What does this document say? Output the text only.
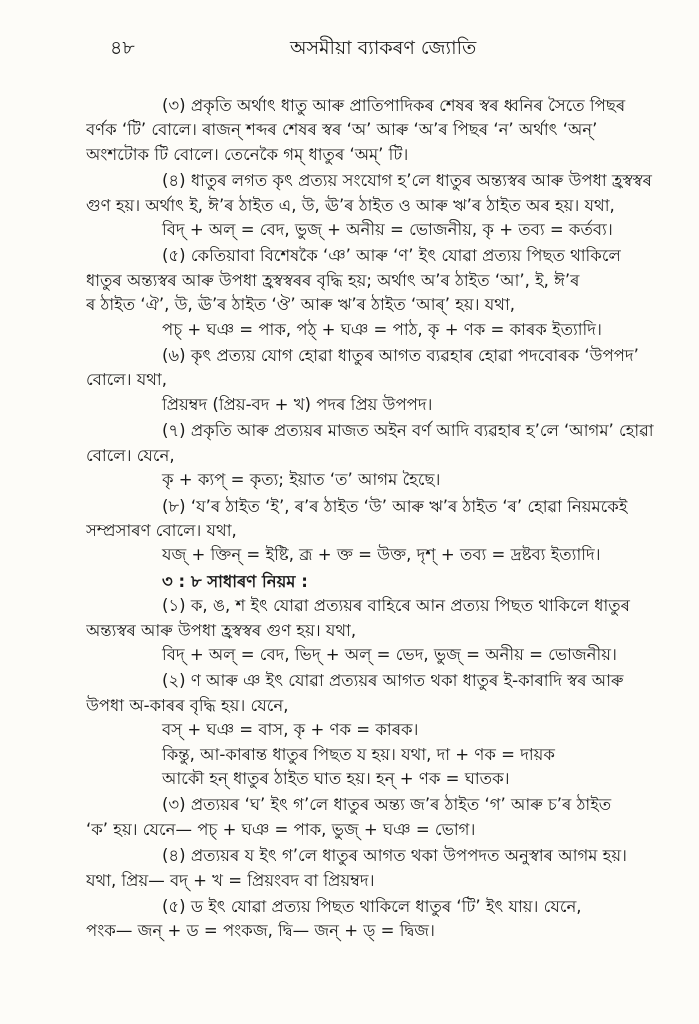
৪৮	অসমীয়া ব্যাকৰণ জ্যোতি
(৩) প্ৰকৃতি অৰ্থাৎ ধাতু আৰু প্ৰাতিপাদিকৰ শেষৰ স্বৰ ধ্বনিৰ সৈতে পিছৰ
বৰ্ণক ‘টি’ বোলে। ৰাজন্ শব্দৰ শেষৰ স্বৰ ‘অ’ আৰু ‘অ’ৰ পিছৰ ‘ন’ অৰ্থাৎ ‘অন্’
অংশটোক টি বোলে। তেনেকৈ গম্ ধাতুৰ ‘অম্’ টি।
(৪) ধাতুৰ লগত কৃৎ প্ৰত্যয় সংযোগ হ’লে ধাতুৰ অন্ত্যস্বৰ আৰু উপধা হ্ৰস্বস্বৰ
গুণ হয়। অৰ্থাৎ ই, ঈ’ৰ ঠাইত এ, উ, ঊ’ৰ ঠাইত ও আৰু ঋ’ৰ ঠাইত অৰ হয়। যথা,
বিদ্ + অল্ = বেদ, ভুজ্ + অনীয় = ভোজনীয়, কৃ + তব্য = কৰ্তব্য।
(৫) কেতিয়াবা বিশেষকৈ ‘ঞ’ আৰু ‘ণ’ ইৎ যোৱা প্ৰত্যয় পিছত থাকিলে
ধাতুৰ অন্ত্যস্বৰ আৰু উপধা হ্ৰস্বস্বৰৰ বৃদ্ধি হয়; অৰ্থাৎ অ’ৰ ঠাইত ‘আ’, ই, ঈ’ৰ
ৰ ঠাইত ‘ঐ’, উ, ঊ’ৰ ঠাইত ‘ঔ’ আৰু ঋ’ৰ ঠাইত ‘আৰ্’ হয়। যথা,
পচ্ + ঘঞ = পাক, পঠ্ + ঘঞ = পাঠ, কৃ + ণক = কাৰক ইত্যাদি।
(৬) কৃৎ প্ৰত্যয় যোগ হোৱা ধাতুৰ আগত ব্যৱহাৰ হোৱা পদবোৰক ‘উপপদ’
বোলে। যথা,
প্ৰিয়ম্বদ (প্ৰিয়-বদ + খ) পদৰ প্ৰিয় উপপদ।
(৭) প্ৰকৃতি আৰু প্ৰত্যয়ৰ মাজত অইন বৰ্ণ আদি ব্যৱহাৰ হ’লে ‘আগম’ হোৱা
বোলে। যেনে,
কৃ + ক্যপ্ = কৃত্য; ইয়াত ‘ত’ আগম হৈছে।
(৮) ‘য’ৰ ঠাইত ‘ই’, ৰ’ৰ ঠাইত ‘উ’ আৰু ঋ’ৰ ঠাইত ‘ৰ’ হোৱা নিয়মকেই
সম্প্ৰসাৰণ বোলে। যথা,
যজ্ + ক্তিন্ = ইষ্টি, ব্ৰূ + ক্ত = উক্ত, দৃশ্ + তব্য = দ্ৰষ্টব্য ইত্যাদি।
৩ : ৮ সাধাৰণ নিয়ম :
(১) ক, ঙ, শ ইৎ যোৱা প্ৰত্যয়ৰ বাহিৰে আন প্ৰত্যয় পিছত থাকিলে ধাতুৰ
অন্ত্যস্বৰ আৰু উপধা হ্ৰস্বস্বৰ গুণ হয়। যথা,
বিদ্ + অল্ = বেদ, ভিদ্ + অল্ = ভেদ, ভুজ্ = অনীয় = ভোজনীয়।
(২) ণ আৰু ঞ ইৎ যোৱা প্ৰত্যয়ৰ আগত থকা ধাতুৰ ই-কাৰাদি স্বৰ আৰু
উপধা অ-কাৰৰ বৃদ্ধি হয়। যেনে,
বস্ + ঘঞ = বাস, কৃ + ণক = কাৰক।
কিন্তু, আ-কাৰান্ত ধাতুৰ পিছত য হয়। যথা, দা + ণক = দায়ক
আকৌ হন্ ধাতুৰ ঠাইত ঘাত হয়। হন্ + ণক = ঘাতক।
(৩) প্ৰত্যয়ৰ ‘ঘ’ ইৎ গ’লে ধাতুৰ অন্ত্য জ’ৰ ঠাইত ‘গ’ আৰু চ’ৰ ঠাইত
‘ক’ হয়। যেনে— পচ্ + ঘঞ = পাক, ভুজ্ + ঘঞ = ভোগ।
(৪) প্ৰত্যয়ৰ য ইৎ গ’লে ধাতুৰ আগত থকা উপপদত অনুস্বাৰ আগম হয়।
যথা, প্ৰিয়— বদ্ + খ = প্ৰিয়ংবদ বা প্ৰিয়ম্বদ।
(৫) ড ইৎ যোৱা প্ৰত্যয় পিছত থাকিলে ধাতুৰ ‘টি’ ইৎ যায়। যেনে,
পংক— জন্ + ড = পংকজ, দ্বি— জন্ + ড্ = দ্বিজ।
